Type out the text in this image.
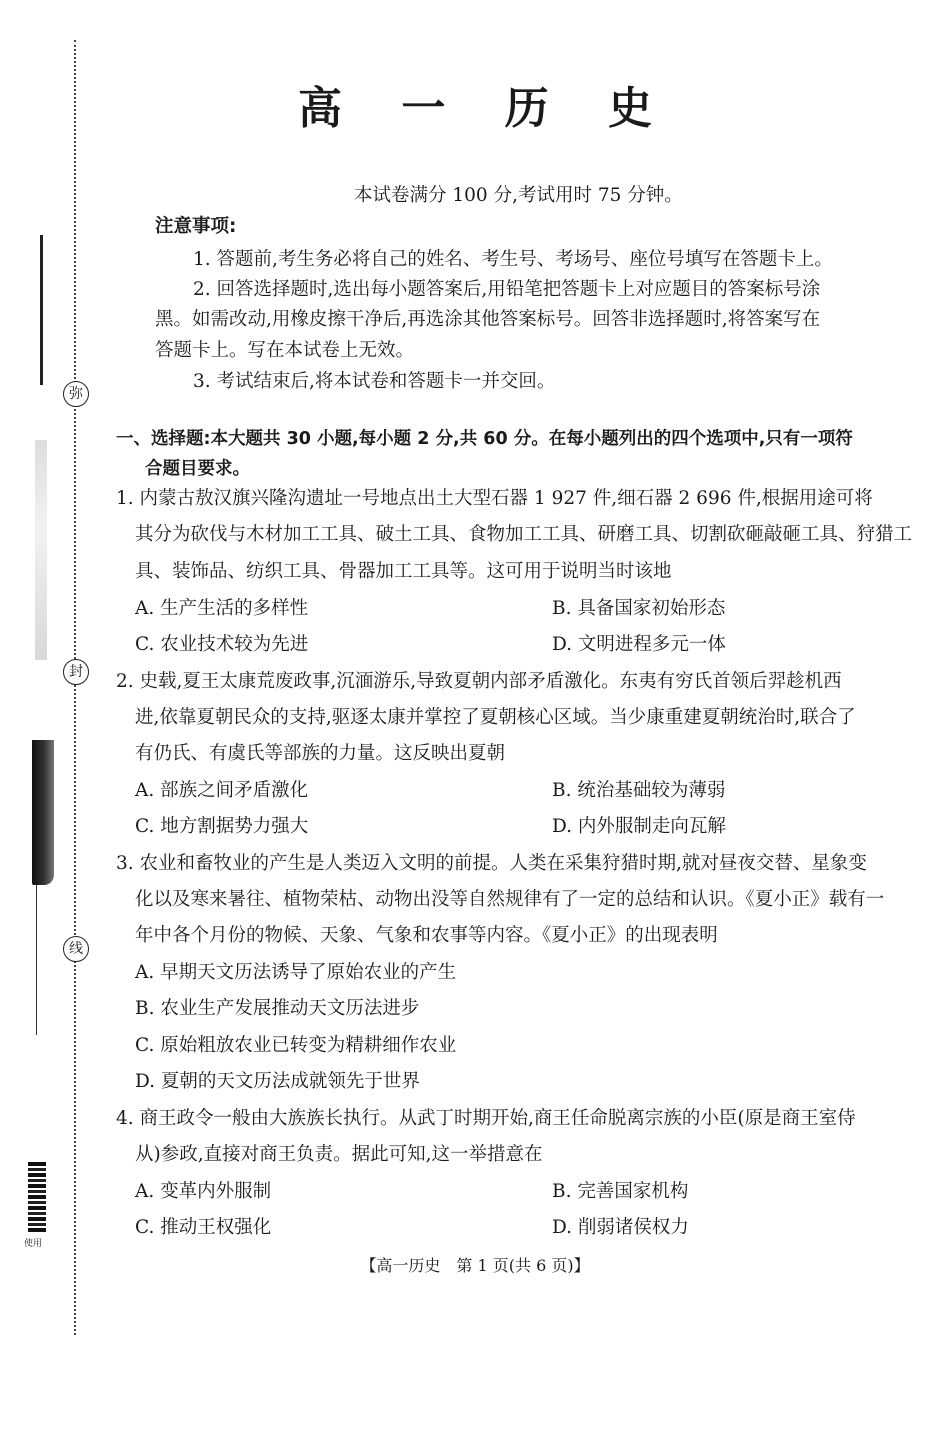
弥
封
线
使用
高 一 历 史
本试卷满分 100 分,考试用时 75 分钟。
注意事项:
1. 答题前,考生务必将自己的姓名、考生号、考场号、座位号填写在答题卡上。
2. 回答选择题时,选出每小题答案后,用铅笔把答题卡上对应题目的答案标号涂
黑。如需改动,用橡皮擦干净后,再选涂其他答案标号。回答非选择题时,将答案写在
答题卡上。写在本试卷上无效。
3. 考试结束后,将本试卷和答题卡一并交回。
一、选择题:本大题共 30 小题,每小题 2 分,共 60 分。在每小题列出的四个选项中,只有一项符
合题目要求。
1. 内蒙古敖汉旗兴隆沟遗址一号地点出土大型石器 1 927 件,细石器 2 696 件,根据用途可将
其分为砍伐与木材加工工具、破土工具、食物加工工具、研磨工具、切割砍砸敲砸工具、狩猎工
具、装饰品、纺织工具、骨器加工工具等。这可用于说明当时该地
A. 生产生活的多样性	B. 具备国家初始形态
C. 农业技术较为先进	D. 文明进程多元一体
2. 史载,夏王太康荒废政事,沉湎游乐,导致夏朝内部矛盾激化。东夷有穷氏首领后羿趁机西
进,依靠夏朝民众的支持,驱逐太康并掌控了夏朝核心区域。当少康重建夏朝统治时,联合了
有仍氏、有虞氏等部族的力量。这反映出夏朝
A. 部族之间矛盾激化	B. 统治基础较为薄弱
C. 地方割据势力强大	D. 内外服制走向瓦解
3. 农业和畜牧业的产生是人类迈入文明的前提。人类在采集狩猎时期,就对昼夜交替、星象变
化以及寒来暑往、植物荣枯、动物出没等自然规律有了一定的总结和认识。《夏小正》载有一
年中各个月份的物候、天象、气象和农事等内容。《夏小正》的出现表明
A. 早期天文历法诱导了原始农业的产生
B. 农业生产发展推动天文历法进步
C. 原始粗放农业已转变为精耕细作农业
D. 夏朝的天文历法成就领先于世界
4. 商王政令一般由大族族长执行。从武丁时期开始,商王任命脱离宗族的小臣(原是商王室侍
从)参政,直接对商王负责。据此可知,这一举措意在
A. 变革内外服制	B. 完善国家机构
C. 推动王权强化	D. 削弱诸侯权力
【高一历史　第 1 页(共 6 页)】
